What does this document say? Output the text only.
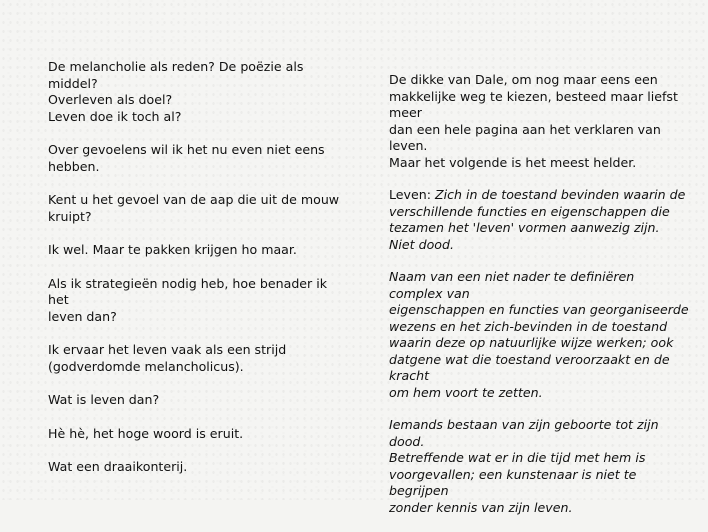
De melancholie als reden? De poëzie als middel?
Overleven als doel?
Leven doe ik toch al?

Over gevoelens wil ik het nu even niet eens
hebben.

Kent u het gevoel van de aap die uit de mouw
kruipt?

Ik wel. Maar te pakken krijgen ho maar.

Als ik strategieën nodig heb, hoe benader ik het
leven dan?

Ik ervaar het leven vaak als een strijd
(godverdomde melancholicus).

Wat is leven dan?

Hè hè, het hoge woord is eruit.

Wat een draaikonterij.

De dikke van Dale, om nog maar eens een
makkelijke weg te kiezen, besteed maar liefst meer
dan een hele pagina aan het verklaren van leven.
Maar het volgende is het meest helder.

Leven: Zich in de toestand bevinden waarin de
verschillende functies en eigenschappen die
tezamen het 'leven' vormen aanwezig zijn.
Niet dood.

Naam van een niet nader te definiëren complex van
eigenschappen en functies van georganiseerde
wezens en het zich-bevinden in de toestand
waarin deze op natuurlijke wijze werken; ook
datgene wat die toestand veroorzaakt en de kracht
om hem voort te zetten.

Iemands bestaan van zijn geboorte tot zijn dood.
Betreffende wat er in die tijd met hem is
voorgevallen; een kunstenaar is niet te begrijpen
zonder kennis van zijn leven.
